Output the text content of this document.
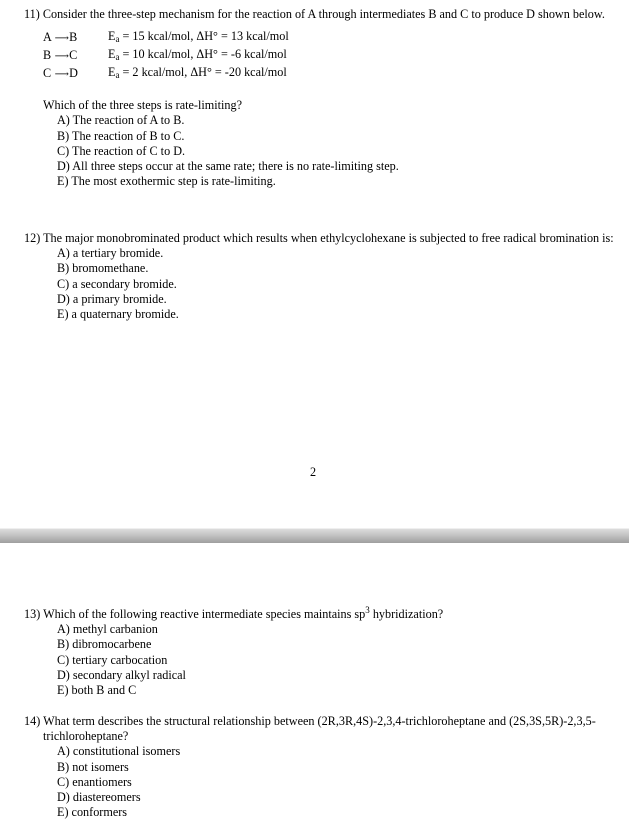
11) Consider the three-step mechanism for the reaction of A through intermediates B and C to produce D shown below.
A ⟶B	$E_a = 15$ kcal/mol, ΔH° = 13 kcal/mol
B ⟶C	$E_a = 10$ kcal/mol, ΔH° = -6 kcal/mol
C ⟶D	$E_a = 2$ kcal/mol, ΔH° = -20 kcal/mol
Which of the three steps is rate-limiting?
A) The reaction of A to B.
B) The reaction of B to C.
C) The reaction of C to D.
D) All three steps occur at the same rate; there is no rate-limiting step.
E) The most exothermic step is rate-limiting.
12) The major monobrominated product which results when ethylcyclohexane is subjected to free radical bromination is:
A) a tertiary bromide.
B) bromomethane.
C) a secondary bromide.
D) a primary bromide.
E) a quaternary bromide.
2
13) Which of the following reactive intermediate species maintains $sp^3$ hybridization?
A) methyl carbanion
B) dibromocarbene
C) tertiary carbocation
D) secondary alkyl radical
E) both B and C
14) What term describes the structural relationship between (2R,3R,4S)-2,3,4-trichloroheptane and (2S,3S,5R)-2,3,5-trichloroheptane?
A) constitutional isomers
B) not isomers
C) enantiomers
D) diastereomers
E) conformers
